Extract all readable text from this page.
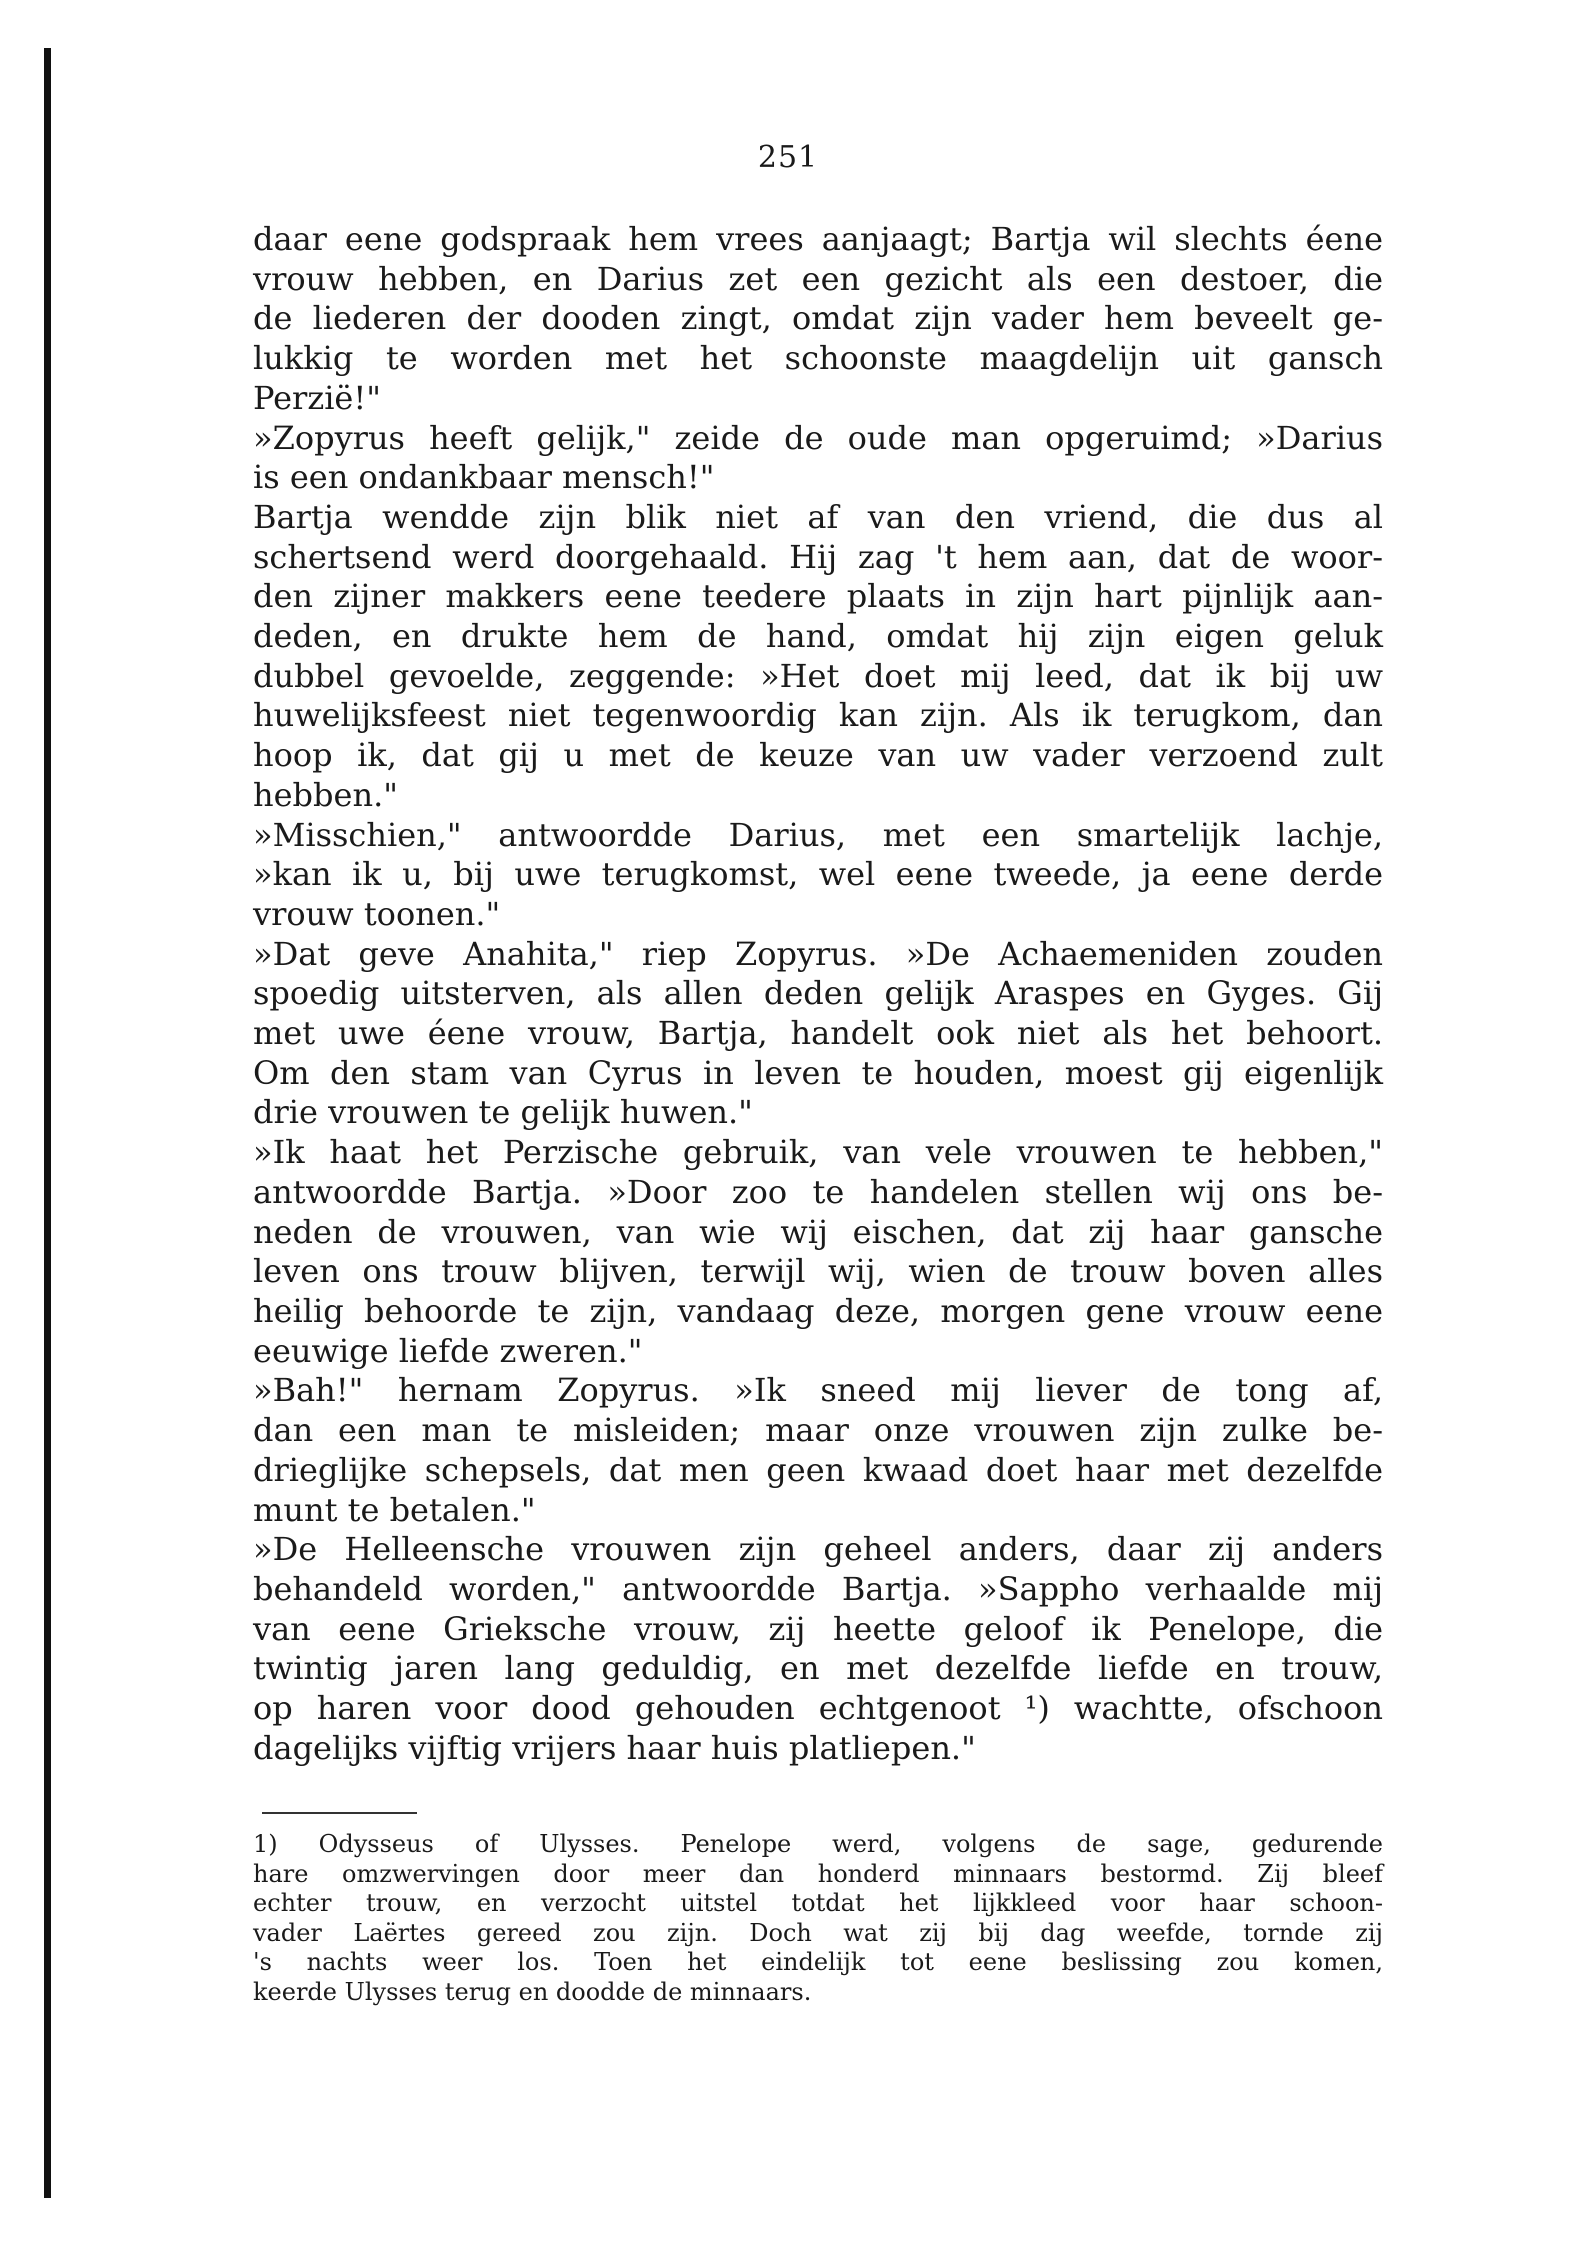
251
daar eene godspraak hem vrees aanjaagt; Bartja wil slechts éene
vrouw hebben, en Darius zet een gezicht als een destoer, die
de liederen der dooden zingt, omdat zijn vader hem beveelt ge-
lukkig te worden met het schoonste maagdelijn uit gansch
Perzië!"
»Zopyrus heeft gelijk," zeide de oude man opgeruimd; »Darius
is een ondankbaar mensch!"
Bartja wendde zijn blik niet af van den vriend, die dus al
schertsend werd doorgehaald. Hij zag 't hem aan, dat de woor-
den zijner makkers eene teedere plaats in zijn hart pijnlijk aan-
deden, en drukte hem de hand, omdat hij zijn eigen geluk
dubbel gevoelde, zeggende: »Het doet mij leed, dat ik bij uw
huwelijksfeest niet tegenwoordig kan zijn. Als ik terugkom, dan
hoop ik, dat gij u met de keuze van uw vader verzoend zult
hebben."
»Misschien," antwoordde Darius, met een smartelijk lachje,
»kan ik u, bij uwe terugkomst, wel eene tweede, ja eene derde
vrouw toonen."
»Dat geve Anahita," riep Zopyrus. »De Achaemeniden zouden
spoedig uitsterven, als allen deden gelijk Araspes en Gyges. Gij
met uwe éene vrouw, Bartja, handelt ook niet als het behoort.
Om den stam van Cyrus in leven te houden, moest gij eigenlijk
drie vrouwen te gelijk huwen."
»Ik haat het Perzische gebruik, van vele vrouwen te hebben,"
antwoordde Bartja. »Door zoo te handelen stellen wij ons be-
neden de vrouwen, van wie wij eischen, dat zij haar gansche
leven ons trouw blijven, terwijl wij, wien de trouw boven alles
heilig behoorde te zijn, vandaag deze, morgen gene vrouw eene
eeuwige liefde zweren."
»Bah!" hernam Zopyrus. »Ik sneed mij liever de tong af,
dan een man te misleiden; maar onze vrouwen zijn zulke be-
drieglijke schepsels, dat men geen kwaad doet haar met dezelfde
munt te betalen."
»De Helleensche vrouwen zijn geheel anders, daar zij anders
behandeld worden," antwoordde Bartja. »Sappho verhaalde mij
van eene Grieksche vrouw, zij heette geloof ik Penelope, die
twintig jaren lang geduldig, en met dezelfde liefde en trouw,
op haren voor dood gehouden echtgenoot ¹) wachtte, ofschoon
dagelijks vijftig vrijers haar huis platliepen."
1) Odysseus of Ulysses. Penelope werd, volgens de sage, gedurende
hare omzwervingen door meer dan honderd minnaars bestormd. Zij bleef
echter trouw, en verzocht uitstel totdat het lijkkleed voor haar schoon-
vader Laërtes gereed zou zijn. Doch wat zij bij dag weefde, tornde zij
's nachts weer los. Toen het eindelijk tot eene beslissing zou komen,
keerde Ulysses terug en doodde de minnaars.
